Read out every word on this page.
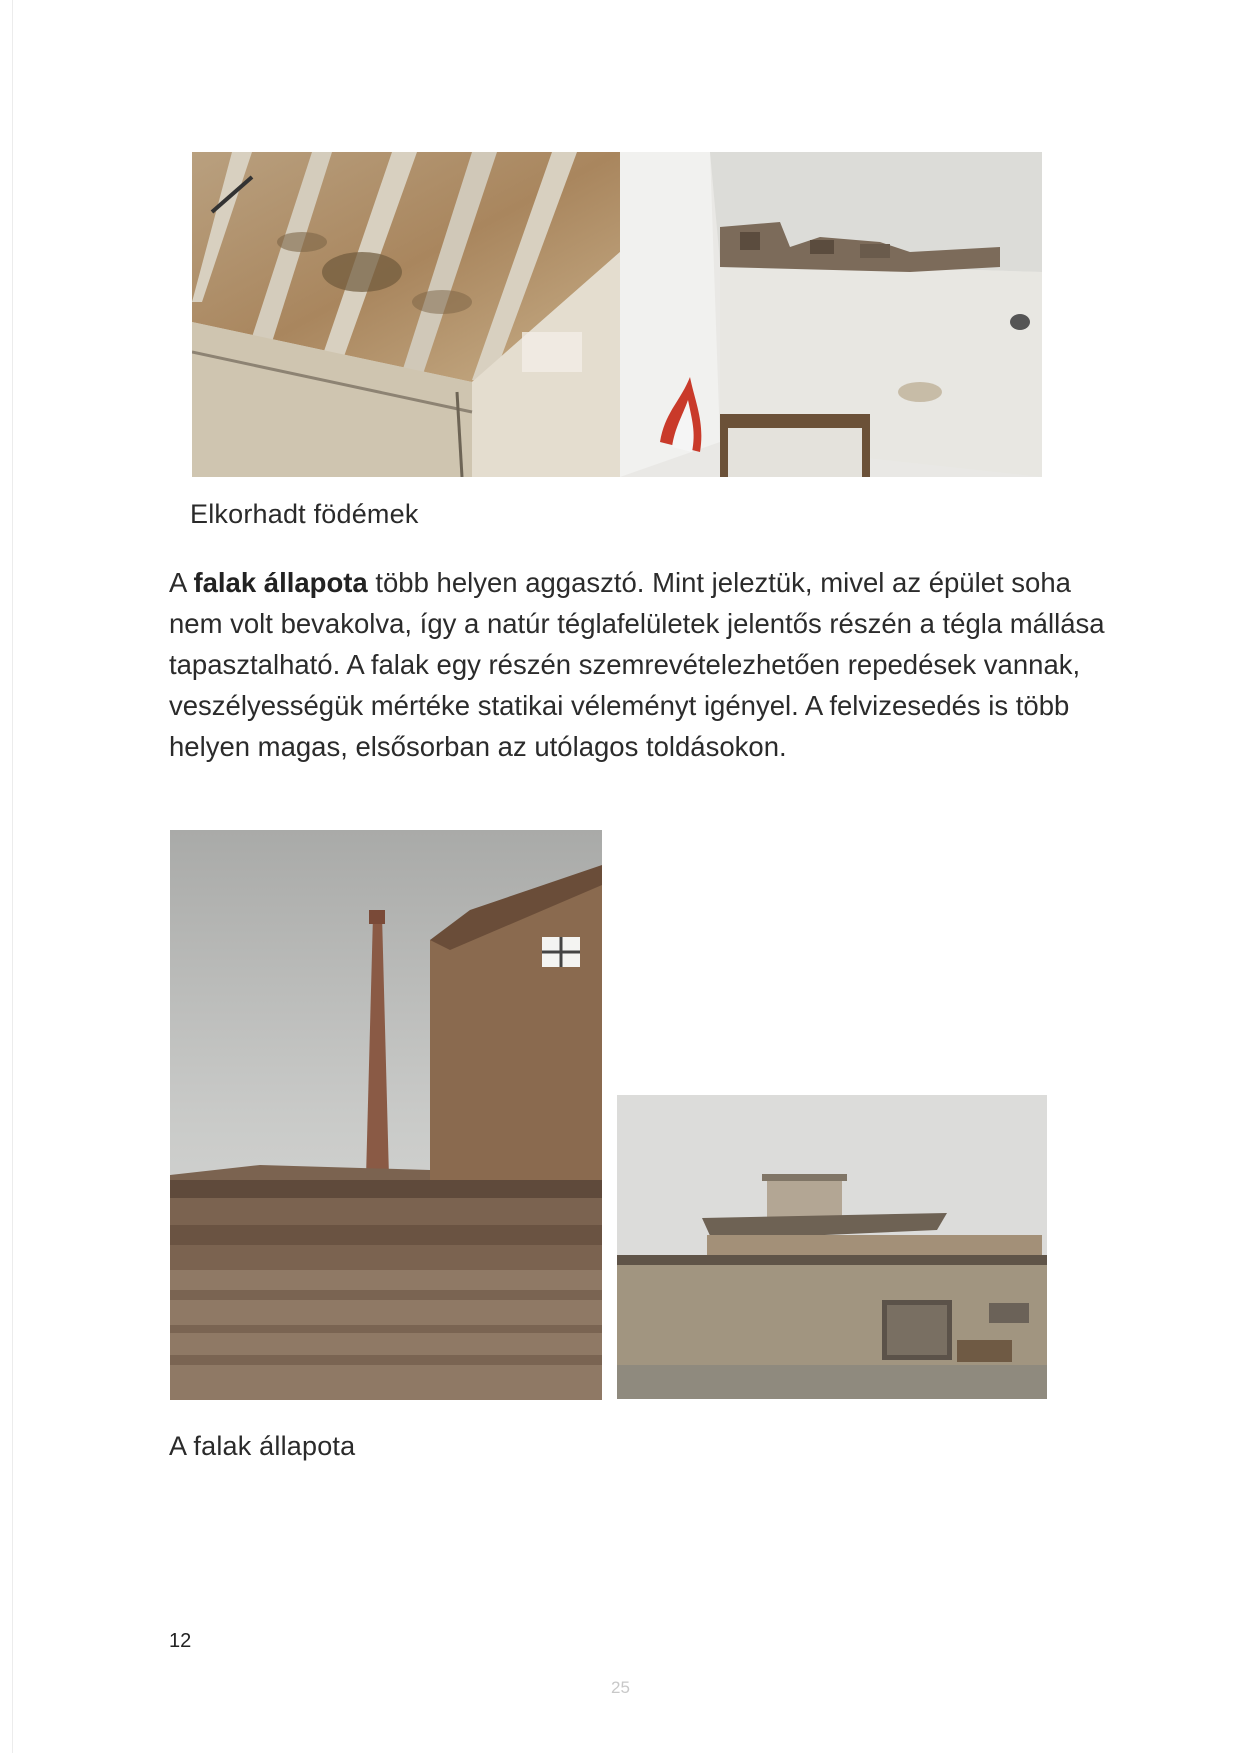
Elkorhadt födémek

A falak állapota több helyen aggasztó. Mint jeleztük, mivel az épület soha nem volt bevakolva, így a natúr téglafelületek jelentős részén a tégla mállása tapasztalható. A falak egy részén szemrevételezhetően repedések vannak, veszélyességük mértéke statikai véleményt igényel. A felvizesedés is több helyen magas, elsősorban az utólagos toldásokon.

A falak állapota
12
25
